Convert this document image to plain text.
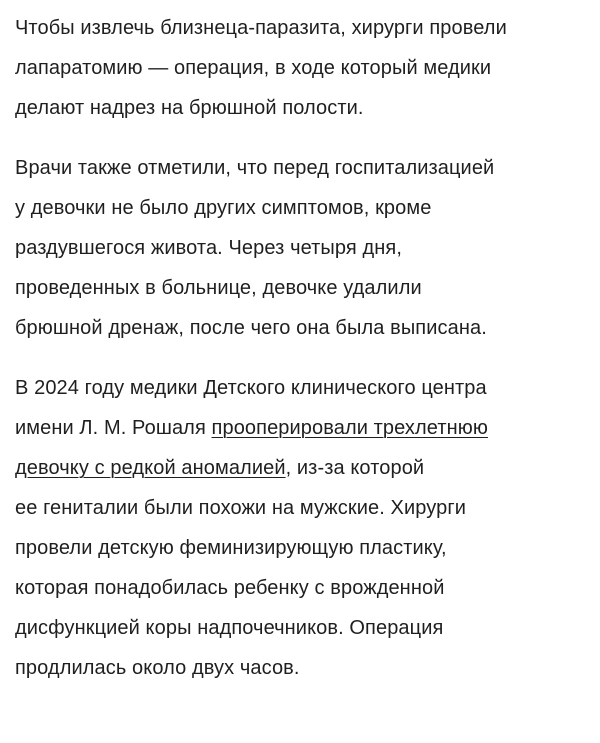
Чтобы извлечь близнеца-паразита, хирурги провели
лапаратомию — операция, в ходе который медики
делают надрез на брюшной полости.

Врачи также отметили, что перед госпитализацией
у девочки не было других симптомов, кроме
раздувшегося живота. Через четыря дня,
проведенных в больнице, девочке удалили
брюшной дренаж, после чего она была выписана.

В 2024 году медики Детского клинического центра
имени Л. М. Рошаля прооперировали трехлетнюю
девочку с редкой аномалией, из-за которой
ее гениталии были похожи на мужские. Хирурги
провели детскую феминизирующую пластику,
которая понадобилась ребенку с врожденной
дисфункцией коры надпочечников. Операция
продлилась около двух часов.
